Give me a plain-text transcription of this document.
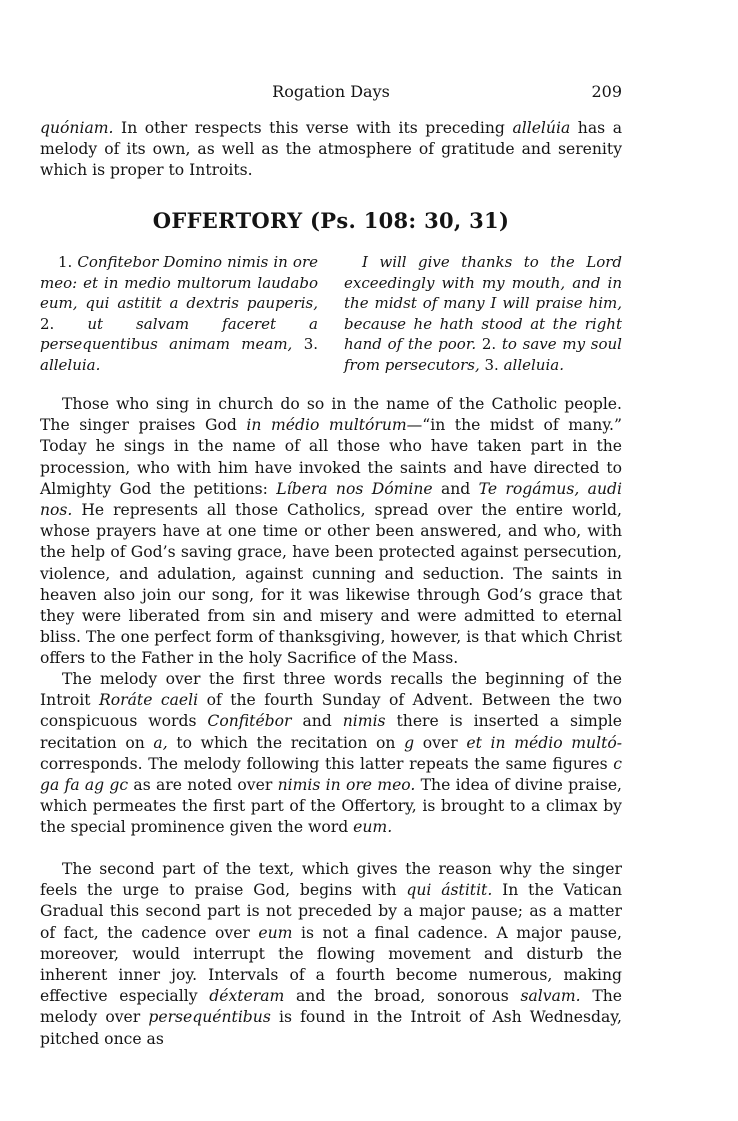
Rogation Days	209
quóniam. In other respects this verse with its preceding allelúia has a melody of its own, as well as the atmosphere of gratitude and serenity which is proper to Introits.
OFFERTORY (Ps. 108: 30, 31)
1. Confitebor Domino nimis in ore meo: et in medio multorum laudabo eum, qui astitit a dextris pauperis, 2. ut salvam faceret a persequentibus animam meam, 3. alleluia.
I will give thanks to the Lord exceedingly with my mouth, and in the midst of many I will praise him, because he hath stood at the right hand of the poor. 2. to save my soul from persecutors, 3. alleluia.
Those who sing in church do so in the name of the Catholic people. The singer praises God in médio multórum—“in the midst of many.” Today he sings in the name of all those who have taken part in the procession, who with him have invoked the saints and have directed to Almighty God the petitions: Líbera nos Dómine and Te rogámus, audi nos. He represents all those Catholics, spread over the entire world, whose prayers have at one time or other been answered, and who, with the help of God’s saving grace, have been protected against persecution, violence, and adulation, against cunning and seduction. The saints in heaven also join our song, for it was likewise through God’s grace that they were liberated from sin and misery and were admitted to eternal bliss. The one perfect form of thanksgiving, however, is that which Christ offers to the Father in the holy Sacrifice of the Mass.
The melody over the first three words recalls the beginning of the Introit Roráte caeli of the fourth Sunday of Advent. Between the two conspicuous words Confitébor and nimis there is inserted a simple recitation on a, to which the recitation on g over et in médio multó- corresponds. The melody following this latter repeats the same figures c ga fa ag gc as are noted over nimis in ore meo. The idea of divine praise, which permeates the first part of the Offertory, is brought to a climax by the special prominence given the word eum.
The second part of the text, which gives the reason why the singer feels the urge to praise God, begins with qui ástitit. In the Vatican Gradual this second part is not preceded by a major pause; as a matter of fact, the cadence over eum is not a final cadence. A major pause, moreover, would interrupt the flowing movement and disturb the inherent inner joy. Intervals of a fourth become numerous, making effective especially déxteram and the broad, sonorous salvam. The melody over persequéntibus is found in the Introit of Ash Wednesday, pitched once as
